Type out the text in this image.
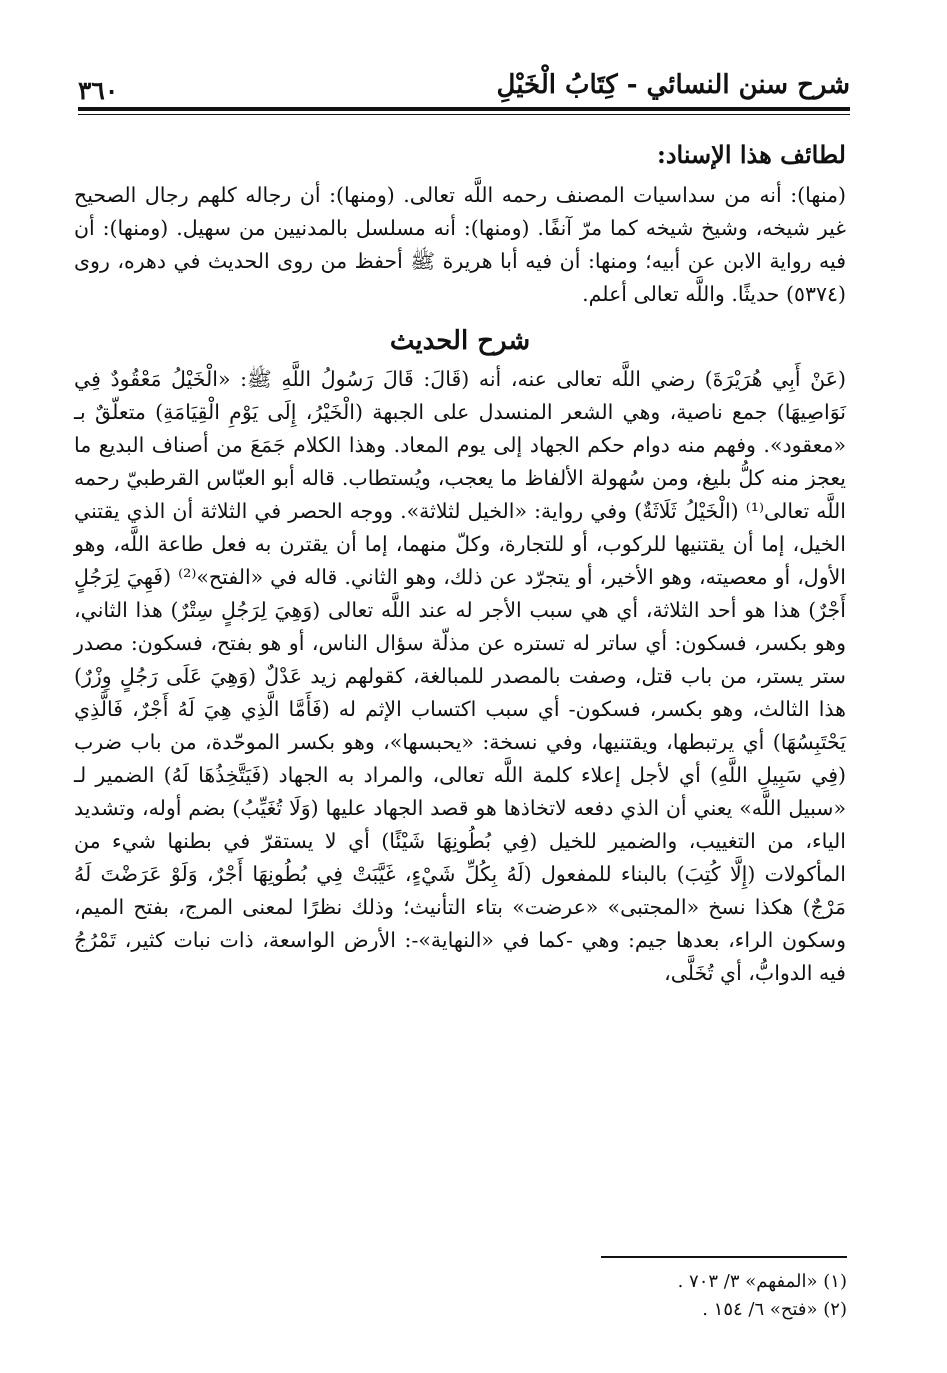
شرح سنن النسائي - كِتَابُ الْخَيْلِ
٣٦٠
لطائف هذا الإسناد:

(منها): أنه من سداسيات المصنف رحمه اللَّه تعالى. (ومنها): أن رجاله كلهم رجال الصحيح غير شيخه، وشيخ شيخه كما مرّ آنفًا. (ومنها): أنه مسلسل بالمدنيين من سهيل. (ومنها): أن فيه رواية الابن عن أبيه؛ ومنها: أن فيه أبا هريرة ﷺ أحفظ من روى الحديث في دهره، روى (٥٣٧٤) حديثًا. واللَّه تعالى أعلم.

شرح الحديث

(عَنْ أَبِي هُرَيْرَةَ) رضي اللَّه تعالى عنه، أنه (قَالَ: قَالَ رَسُولُ اللَّهِ ﷺ: «الْخَيْلُ مَعْقُودٌ فِي نَوَاصِيهَا) جمع ناصية، وهي الشعر المنسدل على الجبهة (الْخَيْرُ، إِلَى يَوْمِ الْقِيَامَةِ) متعلّقٌ بـ «معقود». وفهم منه دوام حكم الجهاد إلى يوم المعاد. وهذا الكلام جَمَعَ من أصناف البديع ما يعجز منه كلُّ بليغ، ومن سُهولة الألفاظ ما يعجب، ويُستطاب. قاله أبو العبّاس القرطبيّ رحمه اللَّه تعالى⁽¹⁾ (الْخَيْلُ ثَلَاثَةٌ) وفي رواية: «الخيل لثلاثة». ووجه الحصر في الثلاثة أن الذي يقتني الخيل، إما أن يقتنيها للركوب، أو للتجارة، وكلّ منهما، إما أن يقترن به فعل طاعة اللَّه، وهو الأول، أو معصيته، وهو الأخير، أو يتجرّد عن ذلك، وهو الثاني. قاله في «الفتح»⁽²⁾ (فَهِيَ لِرَجُلٍ أَجْرٌ) هذا هو أحد الثلاثة، أي هي سبب الأجر له عند اللَّه تعالى (وَهِيَ لِرَجُلٍ سِتْرٌ) هذا الثاني، وهو بكسر، فسكون: أي ساتر له تستره عن مذلّة سؤال الناس، أو هو بفتح، فسكون: مصدر ستر يستر، من باب قتل، وصفت بالمصدر للمبالغة، كقولهم زيد عَدْلٌ (وَهِيَ عَلَى رَجُلٍ وِزْرٌ) هذا الثالث، وهو بكسر، فسكون- أي سبب اكتساب الإثم له (فَأَمَّا الَّذِي هِيَ لَهُ أَجْرٌ، فَالَّذِي يَحْتَبِسُهَا) أي يرتبطها، ويقتنيها، وفي نسخة: «يحبسها»، وهو بكسر الموحّدة، من باب ضرب (فِي سَبِيلِ اللَّهِ) أي لأجل إعلاء كلمة اللَّه تعالى، والمراد به الجهاد (فَيَتَّخِذُهَا لَهُ) الضمير لـ «سبيل اللَّه» يعني أن الذي دفعه لاتخاذها هو قصد الجهاد عليها (وَلَا تُغَيِّبُ) بضم أوله، وتشديد الياء، من التغييب، والضمير للخيل (فِي بُطُونِهَا شَيْئًا) أي لا يستقرّ في بطنها شيء من المأكولات (إِلَّا كُتِبَ) بالبناء للمفعول (لَهُ بِكُلِّ شَيْءٍ، غَيَّبَتْ فِي بُطُونِهَا أَجْرٌ، وَلَوْ عَرَضْتَ لَهُ مَرْجٌ) هكذا نسخ «المجتبى» «عرضت» بتاء التأنيث؛ وذلك نظرًا لمعنى المرج، بفتح الميم، وسكون الراء، بعدها جيم: وهي -كما في «النهاية»-: الأرض الواسعة، ذات نبات كثير، تَمْرُجُ فيه الدوابُّ، أي تُخَلَّى،

(١) «المفهم» ٣/ ٧٠٣ .

(٢) «فتح» ٦/ ١٥٤ .
